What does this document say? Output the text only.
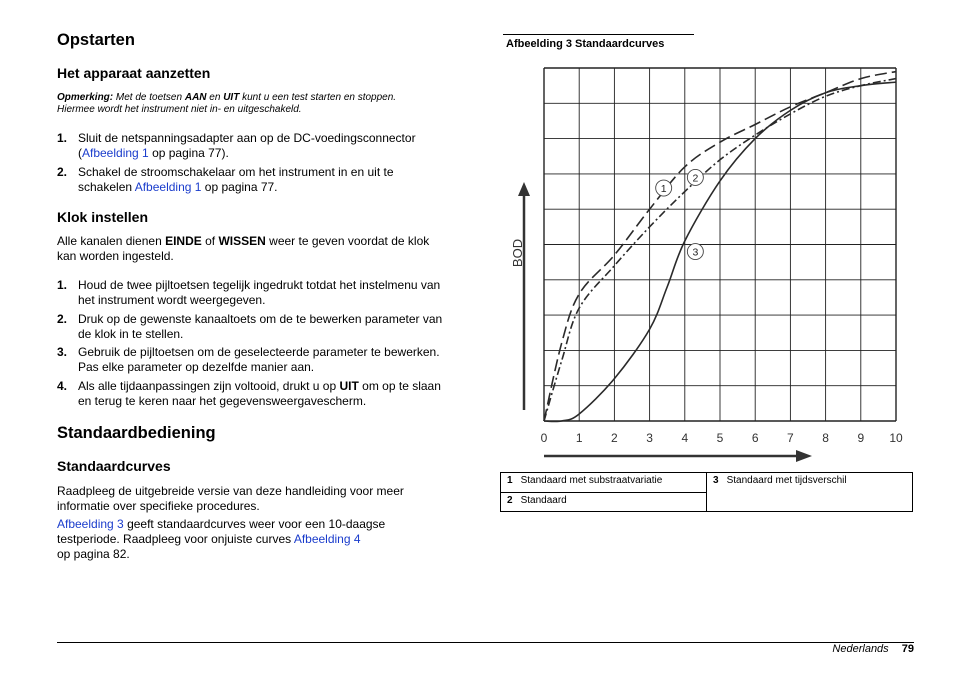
Opstarten
Het apparaat aanzetten
Opmerking: Met de toetsen AAN en UIT kunt u een test starten en stoppen.
Hiermee wordt het instrument niet in- en uitgeschakeld.
1. Sluit de netspanningsadapter aan op de DC-voedingsconnector
(Afbeelding 1 op pagina 77).
2. Schakel de stroomschakelaar om het instrument in en uit te
schakelen Afbeelding 1 op pagina 77.
Klok instellen
Alle kanalen dienen EINDE of WISSEN weer te geven voordat de klok
kan worden ingesteld.
1. Houd de twee pijltoetsen tegelijk ingedrukt totdat het instelmenu van
het instrument wordt weergegeven.
2. Druk op de gewenste kanaaltoets om de te bewerken parameter van
de klok in te stellen.
3. Gebruik de pijltoetsen om de geselecteerde parameter te bewerken.
Pas elke parameter op dezelfde manier aan.
4. Als alle tijdaanpassingen zijn voltooid, drukt u op UIT om op te slaan
en terug te keren naar het gegevensweergavescherm.
Standaardbediening
Standaardcurves
Raadpleeg de uitgebreide versie van deze handleiding voor meer
informatie over specifieke procedures.
Afbeelding 3 geeft standaardcurves weer voor een 10-daagse
testperiode. Raadpleeg voor onjuiste curves Afbeelding 4
op pagina 82.
Afbeelding 3 Standaardcurves
0 1 2 3 4 5 6 7 8 9 10
1
2
3
BOD
1 Standaard met substraatvariatie
2 Standaard
3 Standaard met tijdsverschil
Nederlands 79
